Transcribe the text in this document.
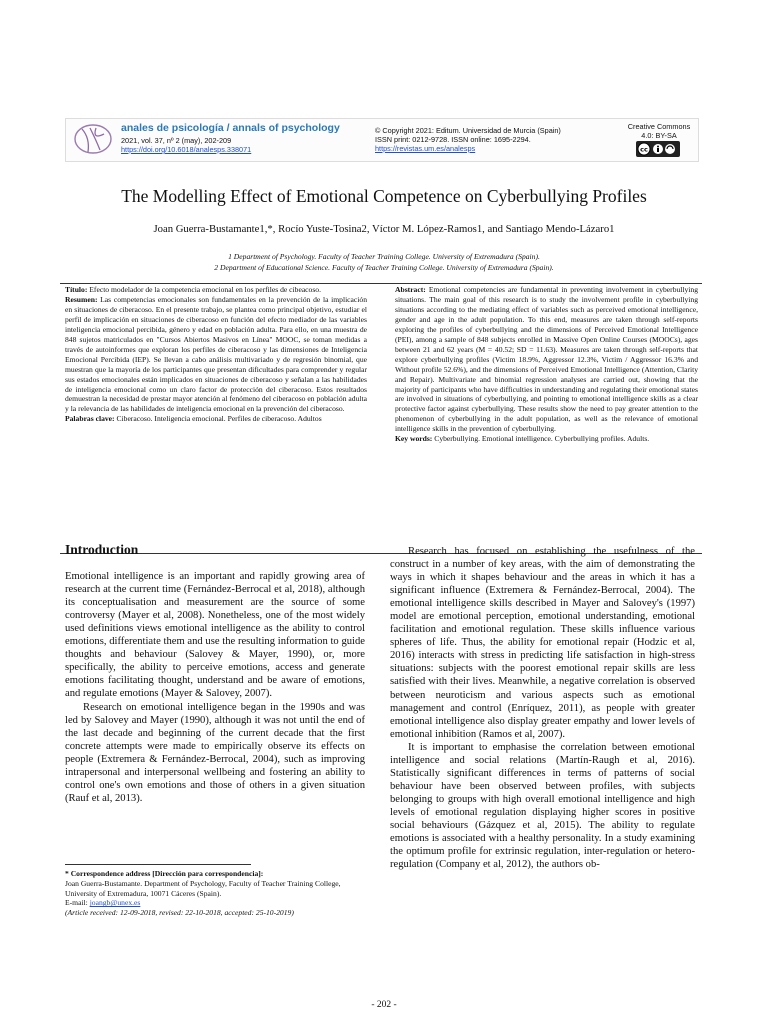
anales de psicología / annals of psychology
2021, vol. 37, nº 2 (may), 202-209
https://doi.org/10.6018/analesps.338071
© Copyright 2021: Editum. Universidad de Murcia (Spain)
ISSN print: 0212-9728. ISSN online: 1695-2294.
https://revistas.um.es/analesps
Creative Commons
4.0: BY-SA
cc
The Modelling Effect of Emotional Competence on Cyberbullying Profiles
Joan Guerra-Bustamante1,*, Rocío Yuste-Tosina2, Víctor M. López-Ramos1, and Santiago Mendo-Lázaro1
1 Department of Psychology. Faculty of Teacher Training College. University of Extremadura (Spain).
2 Department of Educational Science. Faculty of Teacher Training College. University of Extremadura (Spain).
Título: Efecto modelador de la competencia emocional en los perfiles de cibeacoso.
Resumen: Las competencias emocionales son fundamentales en la prevención de la implicación en situaciones de ciberacoso. En el presente trabajo, se plantea como principal objetivo, estudiar el perfil de implicación en situaciones de ciberacoso en función del efecto mediador de las variables inteligencia emocional percibida, género y edad en población adulta. Para ello, en una muestra de 848 sujetos matriculados en "Cursos Abiertos Masivos en Línea" MOOC, se toman medidas a través de autoinformes que exploran los perfiles de ciberacoso y las dimensiones de Inteligencia Emocional Percibida (IEP). Se llevan a cabo análisis multivariado y de regresión binomial, que muestran que la mayoría de los participantes que presentan dificultades para comprender y regular sus estados emocionales están implicados en situaciones de ciberacoso y señalan a las habilidades de inteligencia emocional como un claro factor de protección del ciberacoso. Estos resultados demuestran la necesidad de prestar mayor atención al fenómeno del ciberacoso en población adulta y la relevancia de las habilidades de inteligencia emocional en la prevención del ciberacoso.
Palabras clave: Ciberacoso. Inteligencia emocional. Perfiles de ciberacoso. Adultos
Abstract: Emotional competencies are fundamental in preventing involvement in cyberbullying situations. The main goal of this research is to study the involvement profile in cyberbullying situations according to the mediating effect of variables such as perceived emotional intelligence, gender and age in the adult population. To this end, measures are taken through self-reports exploring the profiles of cyberbullying and the dimensions of Perceived Emotional Intelligence (PEI), among a sample of 848 subjects enrolled in Massive Open Online Courses (MOOCs), ages between 21 and 62 years (M = 40.52; SD = 11.63). Measures are taken through self-reports that explore cyberbullying profiles (Victim 18.9%, Aggressor 12.3%, Victim / Aggressor 16.3% and Without profile 52.6%), and the dimensions of Perceived Emotional Intelligence (Attention, Clarity and Repair). Multivariate and binomial regression analyses are carried out, showing that the majority of participants who have difficulties in understanding and regulating their emotional states are involved in situations of cyberbullying, and pointing to emotional intelligence skills as a clear protective factor against cyberbullying. These results show the need to pay greater attention to the phenomenon of cyberbullying in the adult population, as well as the relevance of emotional intelligence skills in the prevention of cyberbullying.
Key words: Cyberbullying. Emotional intelligence. Cyberbullying profiles. Adults.
Introduction

Emotional intelligence is an important and rapidly growing area of research at the current time (Fernández-Berrocal et al, 2018), although its conceptualisation and measurement are the source of some controversy (Mayer et al, 2008). Nonetheless, one of the most widely used definitions views emotional intelligence as the ability to control emotions, differentiate them and use the resulting information to guide thoughts and behaviour (Salovey & Mayer, 1990), or, more specifically, the ability to perceive emotions, access and generate emotions facilitating thought, understand and be aware of emotions, and regulate emotions (Mayer & Salovey, 2007).

Research on emotional intelligence began in the 1990s and was led by Salovey and Mayer (1990), although it was not until the end of the last decade and beginning of the current decade that the first concrete attempts were made to empirically observe its effects on people (Extremera & Fernández-Berrocal, 2004), such as improving intrapersonal and interpersonal wellbeing and fostering an ability to control one's own emotions and those of others in a given situation (Rauf et al, 2013).

* Correspondence address [Dirección para correspondencia]:
Joan Guerra-Bustamante. Department of Psychology, Faculty of Teacher Training College, University of Extremadura, 10071 Cáceres (Spain).
E-mail: joangb@unex.es
(Article received: 12-09-2018, revised: 22-10-2018, accepted: 25-10-2019)

Research has focused on establishing the usefulness of the construct in a number of key areas, with the aim of demonstrating the ways in which it shapes behaviour and the areas in which it has a significant influence (Extremera & Fernández-Berrocal, 2004). The emotional intelligence skills described in Mayer and Salovey's (1997) model are emotional perception, emotional understanding, emotional facilitation and emotional regulation. These skills influence various spheres of life. Thus, the ability for emotional repair (Hodzic et al, 2016) interacts with stress in predicting life satisfaction in high-stress situations: subjects with the poorest emotional repair skills are less satisfied with their lives. Meanwhile, a negative correlation is observed between neuroticism and various aspects such as emotional management and control (Enríquez, 2011), as people with greater emotional intelligence also display greater empathy and lower levels of emotional inhibition (Ramos et al, 2007).

It is important to emphasise the correlation between emotional intelligence and social relations (Martín-Raugh et al, 2016). Statistically significant differences in terms of patterns of social behaviour have been observed between profiles, with subjects belonging to groups with high overall emotional intelligence and high levels of emotional regulation displaying higher scores in positive social behaviours (Gázquez et al, 2015). The ability to regulate emotions is associated with a healthy personality. In a study examining the optimum profile for extrinsic regulation, inter-regulation or hetero-regulation (Company et al, 2012), the authors ob-

- 202 -
